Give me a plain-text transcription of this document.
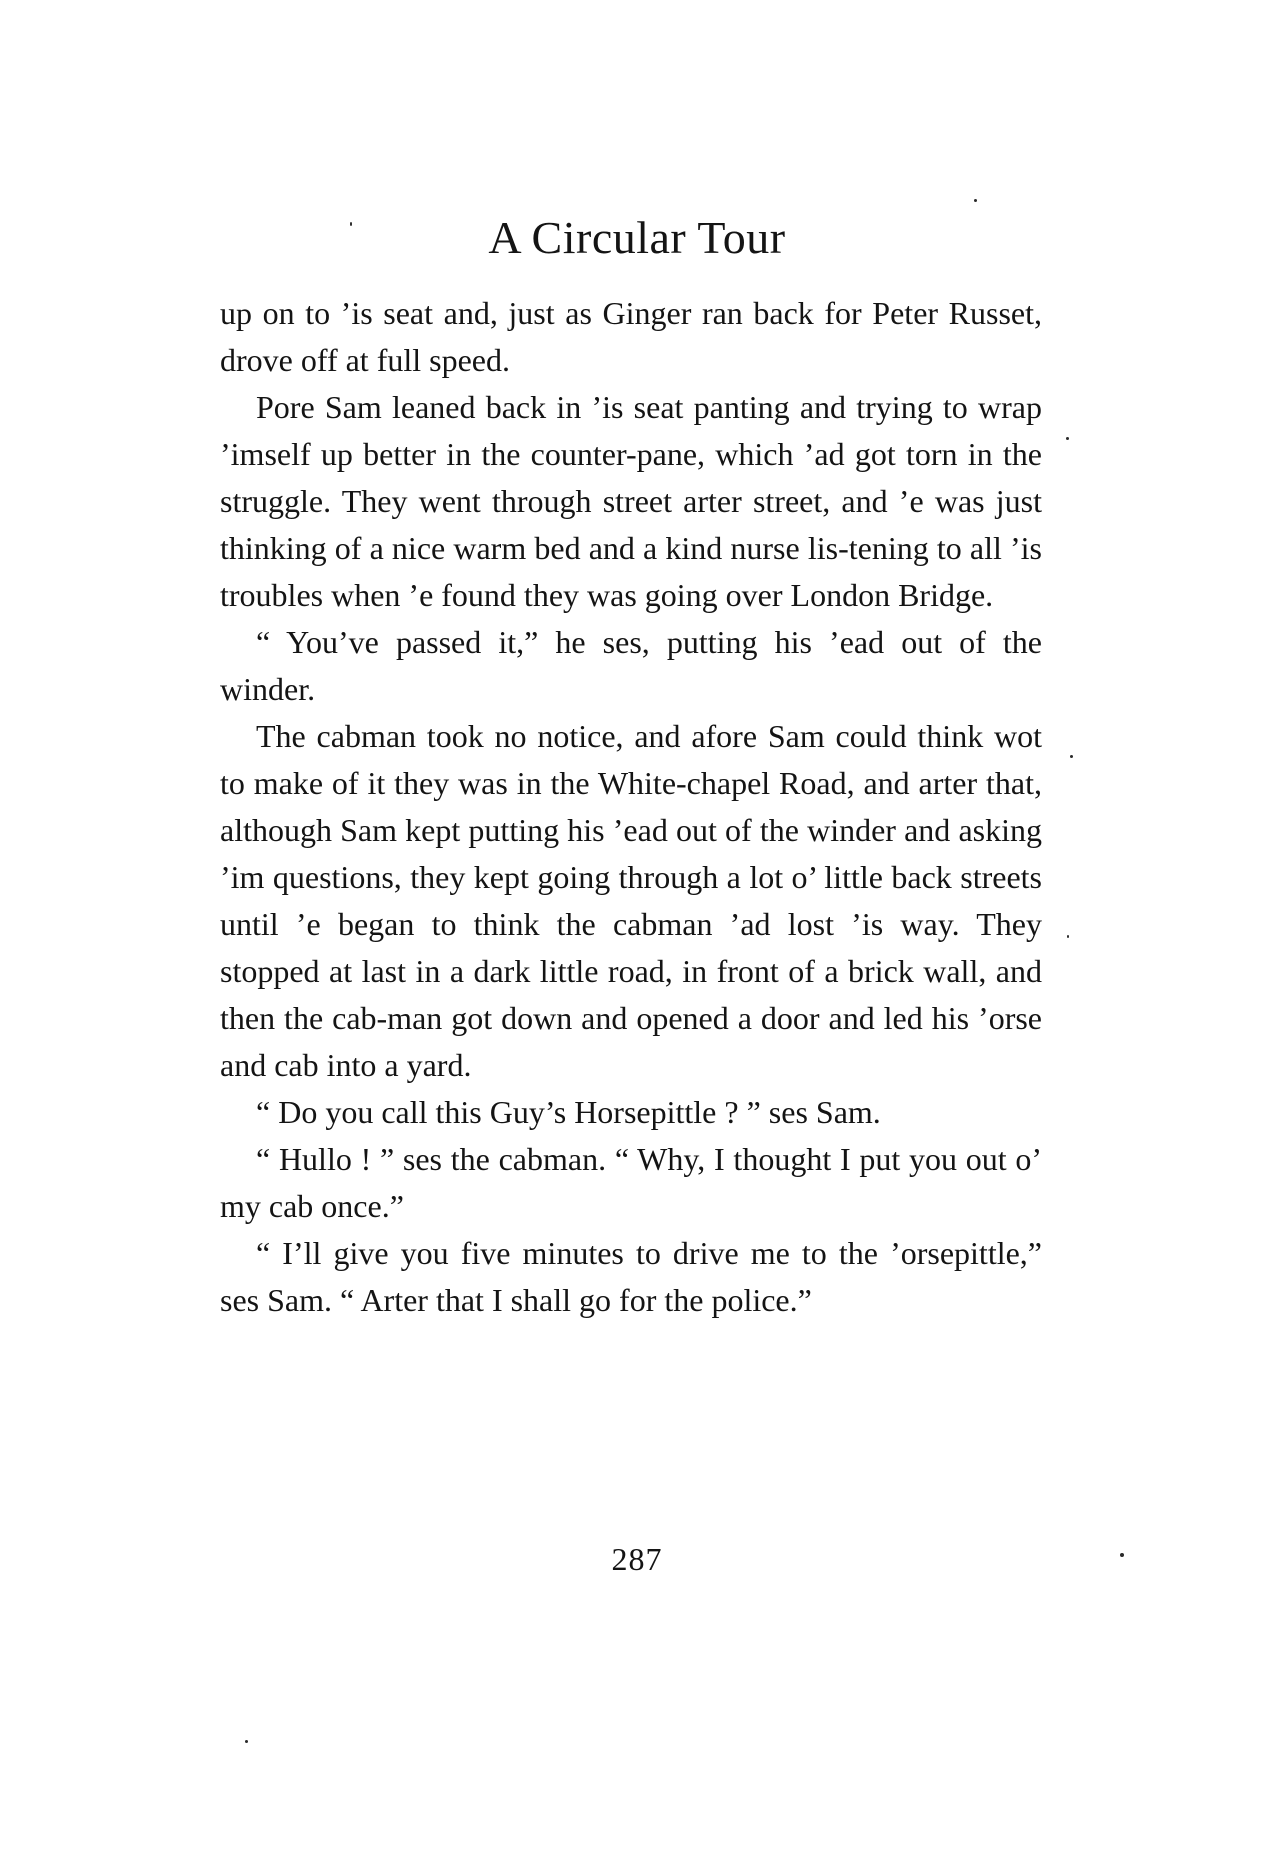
A Circular Tour

up on to ’is seat and, just as Ginger ran back for Peter Russet, drove off at full speed.

Pore Sam leaned back in ’is seat panting and trying to wrap ’imself up better in the counter-pane, which ’ad got torn in the struggle. They went through street arter street, and ’e was just thinking of a nice warm bed and a kind nurse lis-tening to all ’is troubles when ’e found they was going over London Bridge.

“ You’ve passed it,” he ses, putting his ’ead out of the winder.

The cabman took no notice, and afore Sam could think wot to make of it they was in the White-chapel Road, and arter that, although Sam kept putting his ’ead out of the winder and asking ’im questions, they kept going through a lot o’ little back streets until ’e began to think the cabman ’ad lost ’is way. They stopped at last in a dark little road, in front of a brick wall, and then the cab-man got down and opened a door and led his ’orse and cab into a yard.

“ Do you call this Guy’s Horsepittle ? ” ses Sam.

“ Hullo ! ” ses the cabman. “ Why, I thought I put you out o’ my cab once.”

“ I’ll give you five minutes to drive me to the ’orsepittle,” ses Sam. “ Arter that I shall go for the police.”

287
